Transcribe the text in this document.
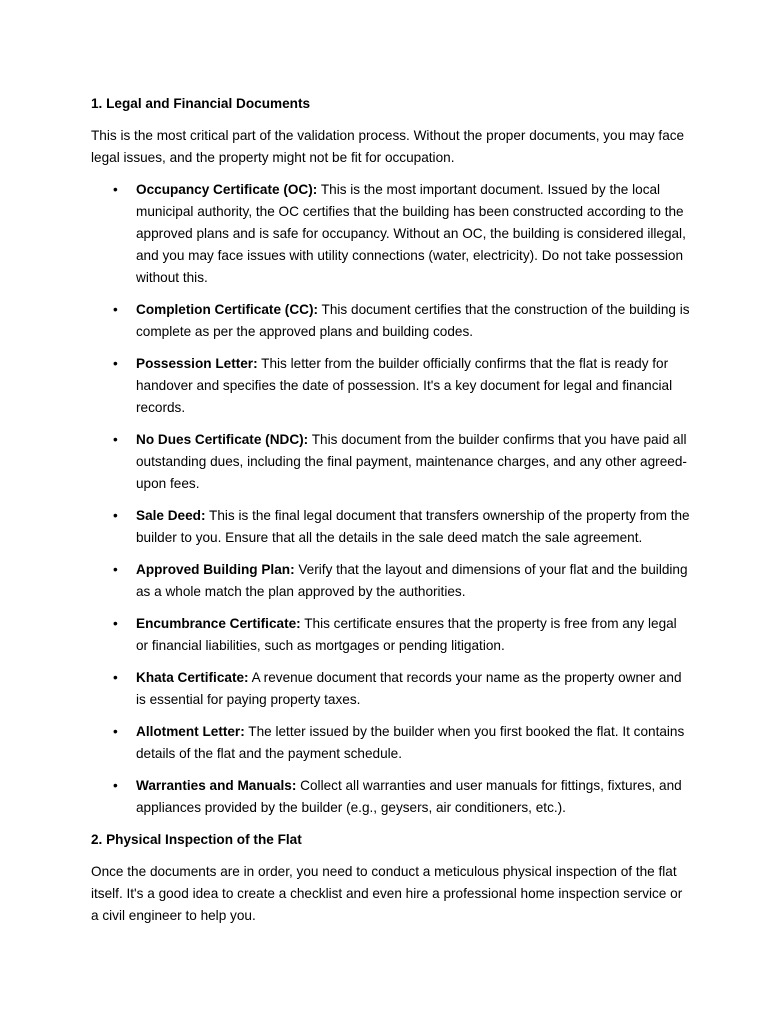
1. Legal and Financial Documents
This is the most critical part of the validation process. Without the proper documents, you may face legal issues, and the property might not be fit for occupation.
• Occupancy Certificate (OC): This is the most important document. Issued by the local municipal authority, the OC certifies that the building has been constructed according to the approved plans and is safe for occupancy. Without an OC, the building is considered illegal, and you may face issues with utility connections (water, electricity). Do not take possession without this.
• Completion Certificate (CC): This document certifies that the construction of the building is complete as per the approved plans and building codes.
• Possession Letter: This letter from the builder officially confirms that the flat is ready for handover and specifies the date of possession. It's a key document for legal and financial records.
• No Dues Certificate (NDC): This document from the builder confirms that you have paid all outstanding dues, including the final payment, maintenance charges, and any other agreed-upon fees.
• Sale Deed: This is the final legal document that transfers ownership of the property from the builder to you. Ensure that all the details in the sale deed match the sale agreement.
• Approved Building Plan: Verify that the layout and dimensions of your flat and the building as a whole match the plan approved by the authorities.
• Encumbrance Certificate: This certificate ensures that the property is free from any legal or financial liabilities, such as mortgages or pending litigation.
• Khata Certificate: A revenue document that records your name as the property owner and is essential for paying property taxes.
• Allotment Letter: The letter issued by the builder when you first booked the flat. It contains details of the flat and the payment schedule.
• Warranties and Manuals: Collect all warranties and user manuals for fittings, fixtures, and appliances provided by the builder (e.g., geysers, air conditioners, etc.).
2. Physical Inspection of the Flat
Once the documents are in order, you need to conduct a meticulous physical inspection of the flat itself. It's a good idea to create a checklist and even hire a professional home inspection service or a civil engineer to help you.
